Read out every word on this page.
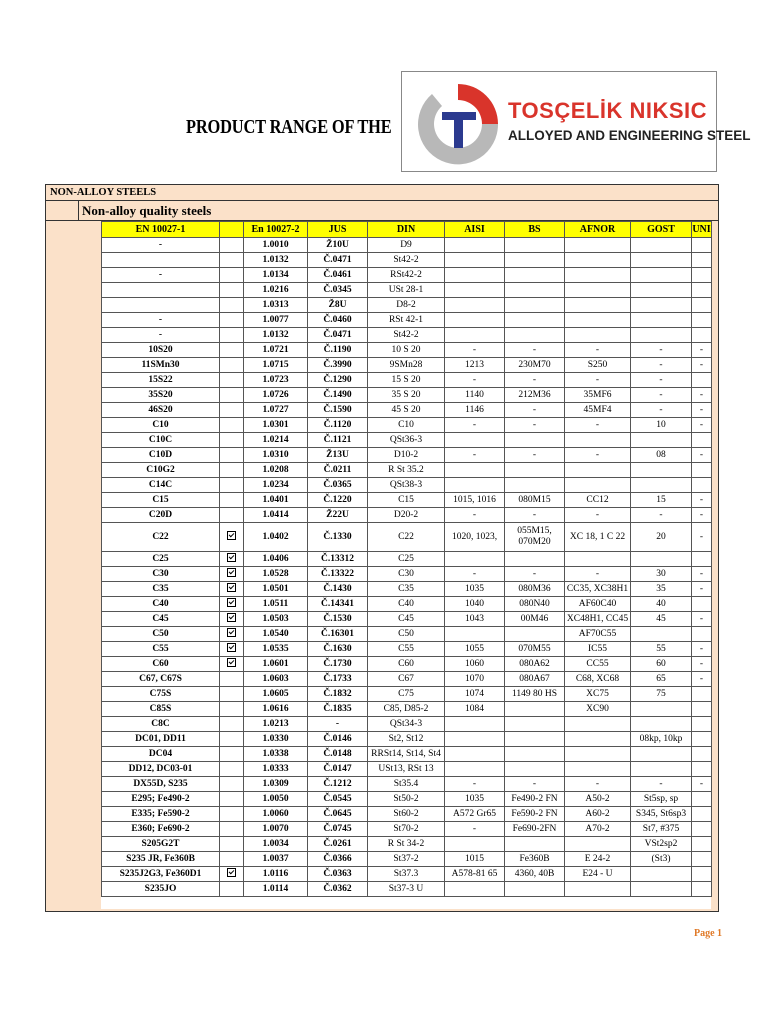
PRODUCT RANGE OF THE
TOSÇELİK NIKSIC
ALLOYED AND ENGINEERING STEEL
NON-ALLOY STEELS
Non-alloy quality steels
EN 10027-1		En 10027-2	JUS	DIN	AISI	BS	AFNOR	GOST	UNI
-		1.0010	Ž10U	D9					
		1.0132	Č.0471	St42-2					
-		1.0134	Č.0461	RSt42-2					
		1.0216	Č.0345	USt 28-1					
		1.0313	Ž8U	D8-2					
-		1.0077	Č.0460	RSt 42-1					
-		1.0132	Č.0471	St42-2					
10S20		1.0721	Č.1190	10 S 20	-	-	-	-	-
11SMn30		1.0715	Č.3990	9SMn28	1213	230M70	S250	-	-
15S22		1.0723	Č.1290	15 S 20	-	-	-	-	
35S20		1.0726	Č.1490	35 S 20	1140	212M36	35MF6	-	-
46S20		1.0727	Č.1590	45 S 20	1146	-	45MF4	-	-
C10		1.0301	Č.1120	C10	-	-	-	10	-
C10C		1.0214	Č.1121	QSt36-3					
C10D		1.0310	Ž13U	D10-2	-	-	-	08	-
C10G2		1.0208	Č.0211	R St 35.2					
C14C		1.0234	Č.0365	QSt38-3					
C15		1.0401	Č.1220	C15	1015, 1016	080M15	CC12	15	-
C20D		1.0414	Ž22U	D20-2	-	-	-	-	-
C22		1.0402	Č.1330	C22	1020, 1023,	055M15, 070M20	XC 18, 1 C 22	20	-
C25		1.0406	Č.13312	C25					
C30		1.0528	Č.13322	C30	-	-	-	30	-
C35		1.0501	Č.1430	C35	1035	080M36	CC35, XC38H1	35	-
C40		1.0511	Č.14341	C40	1040	080N40	AF60C40	40	
C45		1.0503	Č.1530	C45	1043	00M46	XC48H1, CC45	45	-
C50		1.0540	Č.16301	C50			AF70C55		
C55		1.0535	Č.1630	C55	1055	070M55	IC55	55	-
C60		1.0601	Č.1730	C60	1060	080A62	CC55	60	-
C67, C67S		1.0603	Č.1733	C67	1070	080A67	C68, XC68	65	-
C75S		1.0605	Č.1832	C75	1074	1149 80 HS	XC75	75	
C85S		1.0616	Č.1835	C85, D85-2	1084		XC90		
C8C		1.0213	-	QSt34-3					
DC01, DD11		1.0330	Č.0146	St2, St12				08kp, 10kp	
DC04		1.0338	Č.0148	RRSt14, St14, St4					
DD12, DC03-01		1.0333	Č.0147	USt13, RSt 13					
DX55D, S235		1.0309	Č.1212	St35.4	-	-	-	-	-
E295; Fe490-2		1.0050	Č.0545	St50-2	1035	Fe490-2 FN	A50-2	St5sp, sp	
E335; Fe590-2		1.0060	Č.0645	St60-2	A572 Gr65	Fe590-2 FN	A60-2	S345, St6sp3	
E360; Fe690-2		1.0070	Č.0745	St70-2	-	Fe690-2FN	A70-2	St7, #375	
S205G2T		1.0034	Č.0261	R St 34-2				VSt2sp2	
S235 JR, Fe360B		1.0037	Č.0366	St37-2	1015	Fe360B	E 24-2	(St3)	
S235J2G3, Fe360D1		1.0116	Č.0363	St37.3	A578-81 65	4360, 40B	E24 - U		
S235JO		1.0114	Č.0362	St37-3 U					
Page 1
